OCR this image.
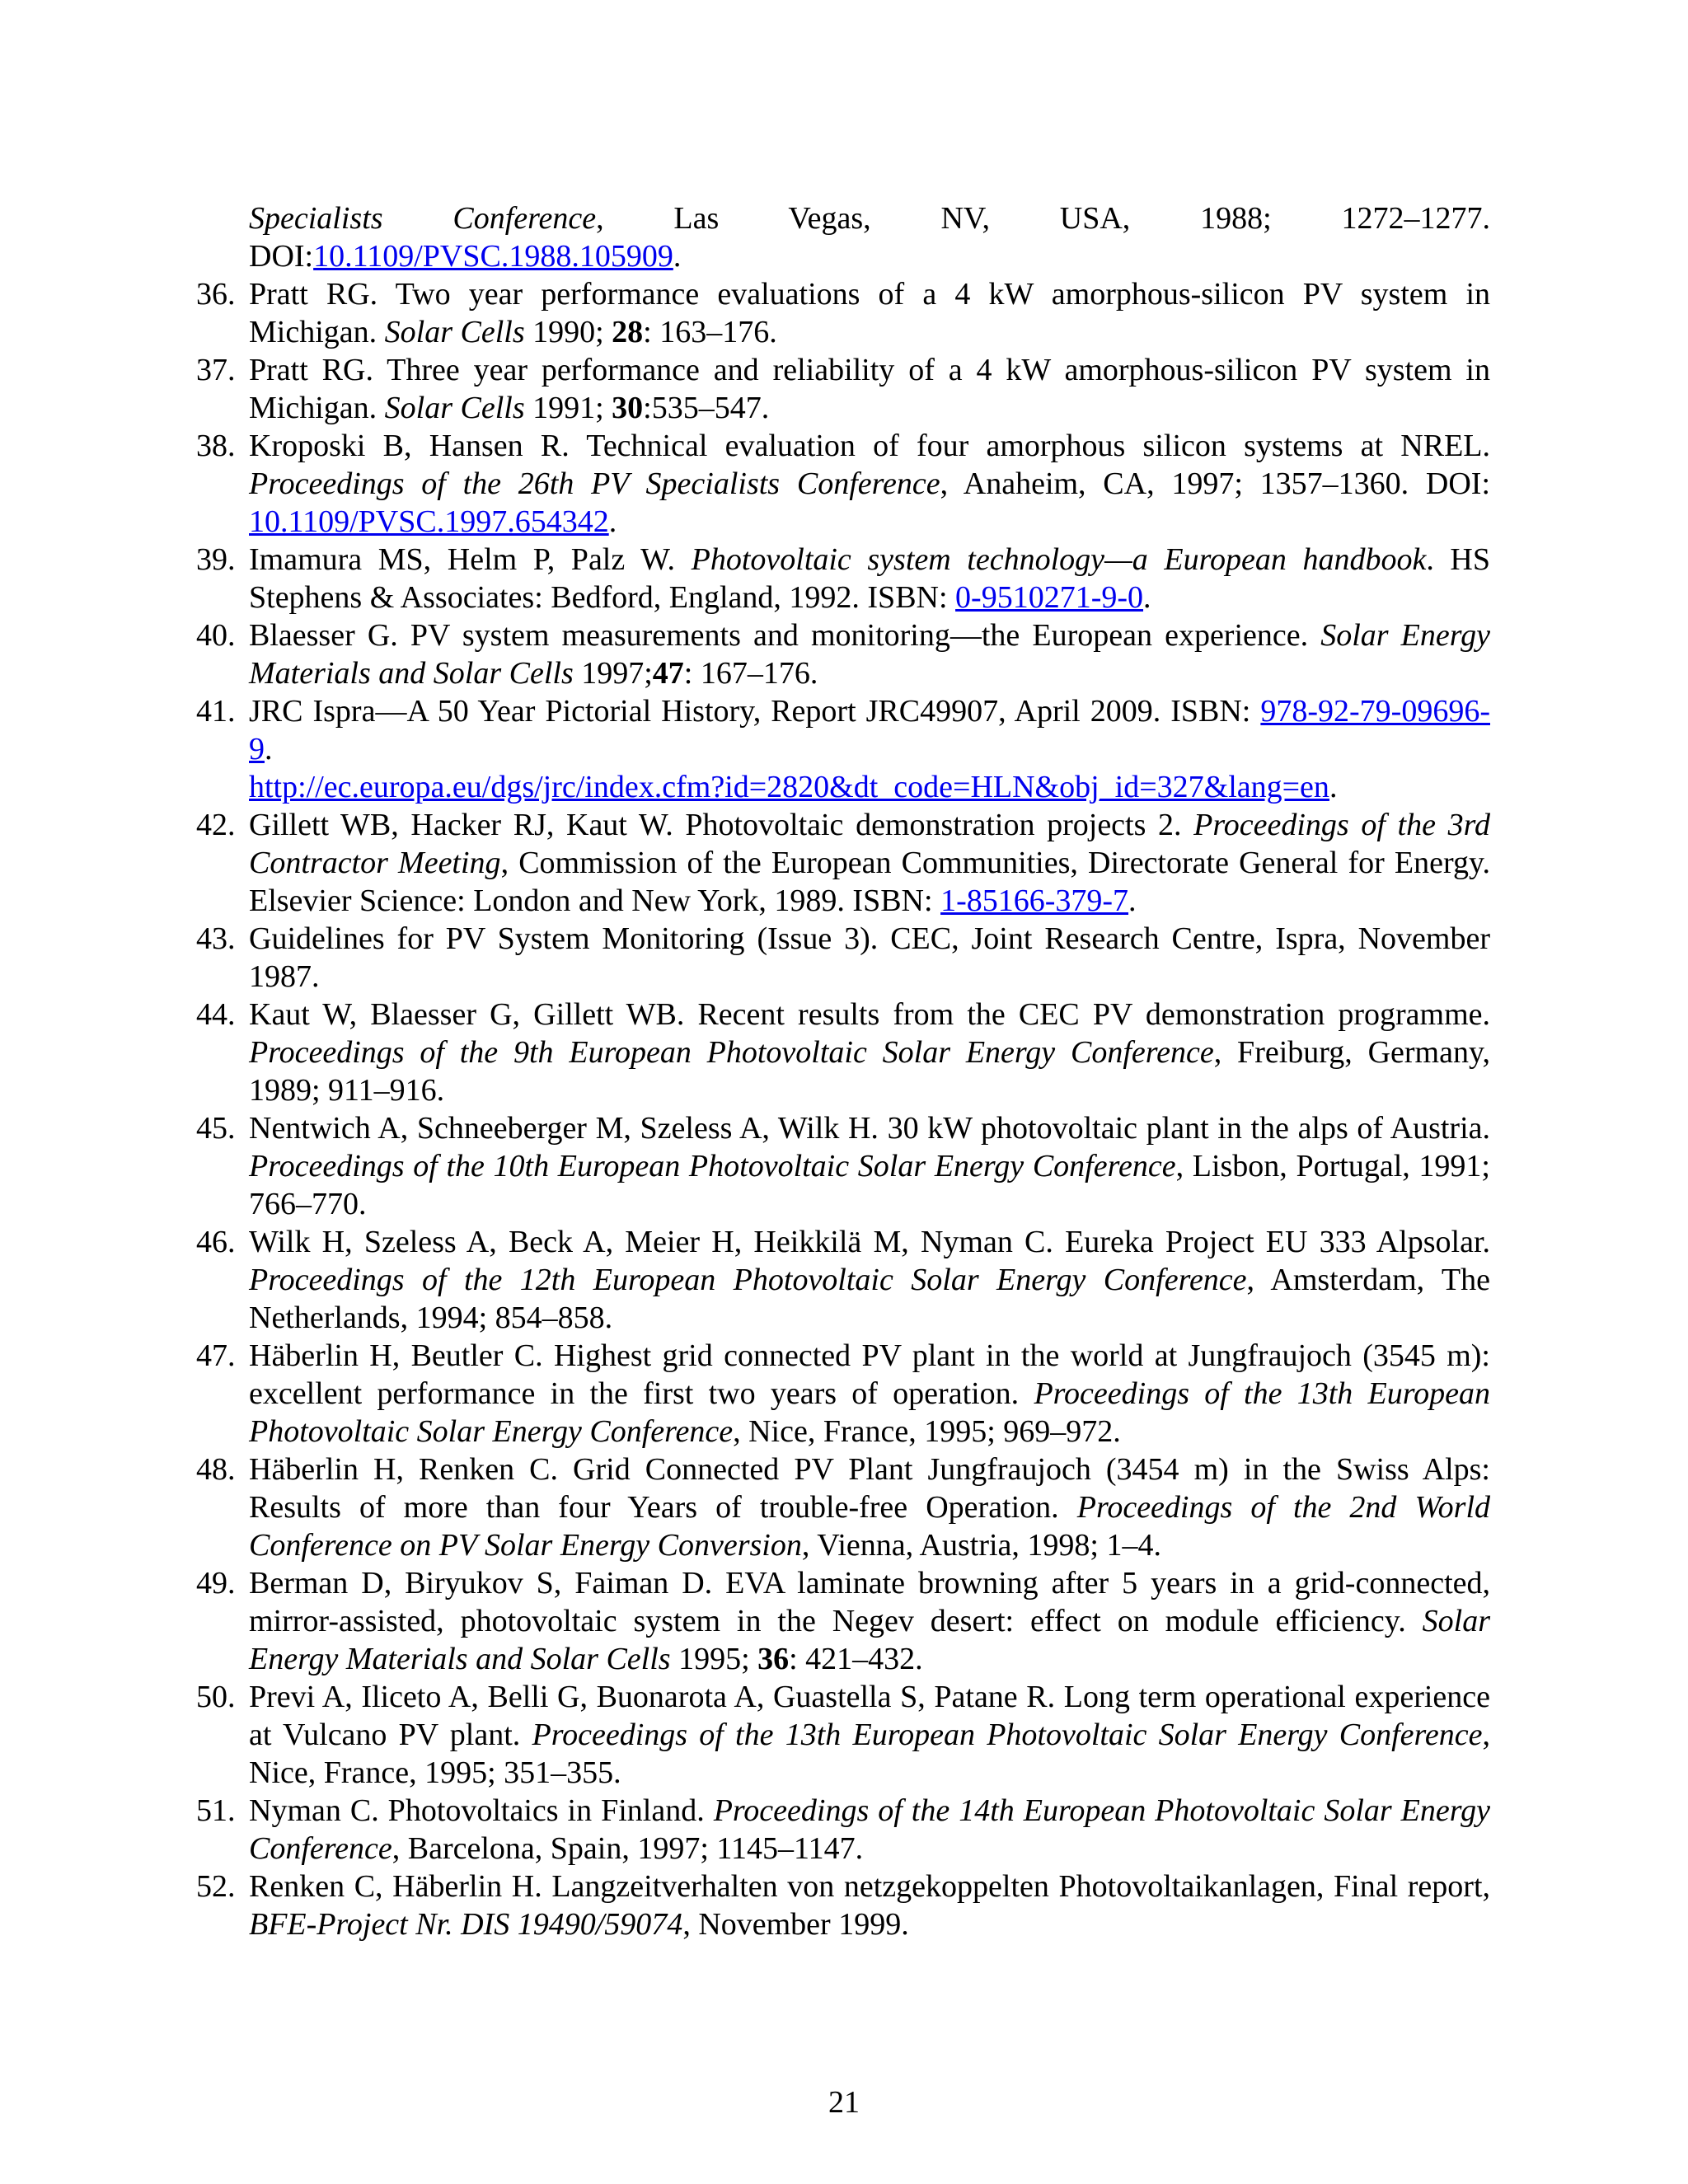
Specialists Conference, Las Vegas, NV, USA, 1988; 1272–1277.
DOI:10.1109/PVSC.1988.105909.
36. Pratt RG. Two year performance evaluations of a 4 kW amorphous-silicon PV system in Michigan. Solar Cells 1990; 28: 163–176.
37. Pratt RG. Three year performance and reliability of a 4 kW amorphous-silicon PV system in Michigan. Solar Cells 1991; 30:535–547.
38. Kroposki B, Hansen R. Technical evaluation of four amorphous silicon systems at NREL. Proceedings of the 26th PV Specialists Conference, Anaheim, CA, 1997; 1357–1360. DOI: 10.1109/PVSC.1997.654342.
39. Imamura MS, Helm P, Palz W. Photovoltaic system technology—a European handbook. HS Stephens & Associates: Bedford, England, 1992. ISBN: 0-9510271-9-0.
40. Blaesser G. PV system measurements and monitoring—the European experience. Solar Energy Materials and Solar Cells 1997;47: 167–176.
41. JRC Ispra—A 50 Year Pictorial History, Report JRC49907, April 2009. ISBN: 978-92-79-09696-9.
http://ec.europa.eu/dgs/jrc/index.cfm?id=2820&dt_code=HLN&obj_id=327&lang=en.
42. Gillett WB, Hacker RJ, Kaut W. Photovoltaic demonstration projects 2. Proceedings of the 3rd Contractor Meeting, Commission of the European Communities, Directorate General for Energy. Elsevier Science: London and New York, 1989. ISBN: 1-85166-379-7.
43. Guidelines for PV System Monitoring (Issue 3). CEC, Joint Research Centre, Ispra, November 1987.
44. Kaut W, Blaesser G, Gillett WB. Recent results from the CEC PV demonstration programme. Proceedings of the 9th European Photovoltaic Solar Energy Conference, Freiburg, Germany, 1989; 911–916.
45. Nentwich A, Schneeberger M, Szeless A, Wilk H. 30 kW photovoltaic plant in the alps of Austria. Proceedings of the 10th European Photovoltaic Solar Energy Conference, Lisbon, Portugal, 1991; 766–770.
46. Wilk H, Szeless A, Beck A, Meier H, Heikkilä M, Nyman C. Eureka Project EU 333 Alpsolar. Proceedings of the 12th European Photovoltaic Solar Energy Conference, Amsterdam, The Netherlands, 1994; 854–858.
47. Häberlin H, Beutler C. Highest grid connected PV plant in the world at Jungfraujoch (3545 m): excellent performance in the first two years of operation. Proceedings of the 13th European Photovoltaic Solar Energy Conference, Nice, France, 1995; 969–972.
48. Häberlin H, Renken C. Grid Connected PV Plant Jungfraujoch (3454 m) in the Swiss Alps: Results of more than four Years of trouble-free Operation. Proceedings of the 2nd World Conference on PV Solar Energy Conversion, Vienna, Austria, 1998; 1–4.
49. Berman D, Biryukov S, Faiman D. EVA laminate browning after 5 years in a grid-connected, mirror-assisted, photovoltaic system in the Negev desert: effect on module efficiency. Solar Energy Materials and Solar Cells 1995; 36: 421–432.
50. Previ A, Iliceto A, Belli G, Buonarota A, Guastella S, Patane R. Long term operational experience at Vulcano PV plant. Proceedings of the 13th European Photovoltaic Solar Energy Conference, Nice, France, 1995; 351–355.
51. Nyman C. Photovoltaics in Finland. Proceedings of the 14th European Photovoltaic Solar Energy Conference, Barcelona, Spain, 1997; 1145–1147.
52. Renken C, Häberlin H. Langzeitverhalten von netzgekoppelten Photovoltaikanlagen, Final report, BFE-Project Nr. DIS 19490/59074, November 1999.
21
